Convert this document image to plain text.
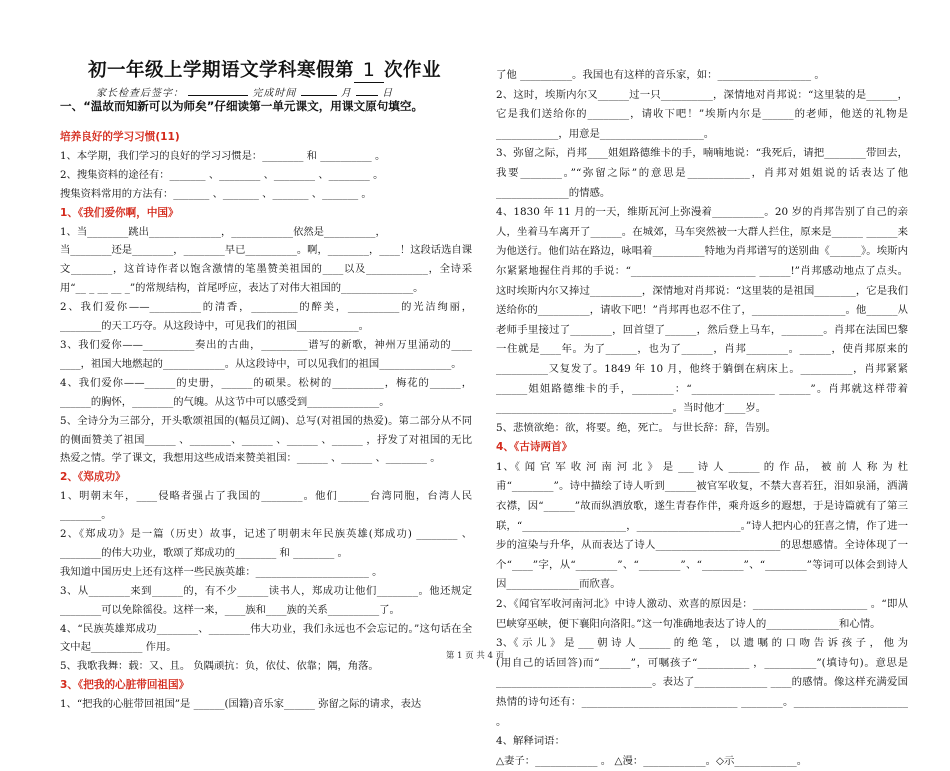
初一年级上学期语文学科寒假第 1 次作业
家长检查后签字：	完成时间	月	日
一、“温故而知新可以为师矣”仔细读第一单元课文，用课文原句填空。
培养良好的学习习惯(11)
1、本学期，我们学习的良好的学习习惯是：________ 和 __________ 。
2、搜集资料的途径有：_______ 、________ 、________ 、________ 。
搜集资料常用的方法有：_______ 、_______ 、_______ 、_______ 。
1、《我们爱你啊，中国》
1、当________跳出______________，____________依然是__________，
当________还是________，________早已__________。啊，________，____！这段话选自课文________，这首诗作者以饱含激情的笔墨赞美祖国的____以及____________，全诗采用“__ _ __ __ _”的常规结构，首尾呼应，表达了对伟大祖国的______________。
2、我们爱你——__________的清香，_________的醉美，__________的光洁绚丽，________的天工巧夺。从这段诗中，可见我们的祖国____________。
3、我们爱你——__________奏出的古曲，_________谱写的新歌，神州万里涌动的____ ____，祖国大地燃起的____________。从这段诗中，可以见我们的祖国______________。
4、我们爱你——______的史册，______的硕果。松树的__________，梅花的______，______的胸怀，________的气魄。从这节中可以感受到______________。
5、全诗分为三部分，开头歌颂祖国的(幅员辽阔)、总写(对祖国的热爱)。第二部分从不同的侧面赞美了祖国______ 、________、______ 、______ 、______ ，抒发了对祖国的无比热爱之情。学了课文，我想用这些成语来赞美祖国：______ 、______ 、________ 。
2、《郑成功》
1、明朝末年，____侵略者强占了我国的________。他们______台湾同胞，台湾人民________。
2、《郑成功》是一篇（历史）故事，记述了明朝末年民族英雄(郑成功) ________ 、________的伟大功业，歌颂了郑成功的________ 和 ________ 。
我知道中国历史上还有这样一些民族英雄：______________________ 。
3、从________来到______的，有不少______读书人，郑成功让他们________。他还规定________可以免除徭役。这样一来，____族和____族的关系__________了。
4、“民族英雄郑成功________、________伟大功业，我们永远也不会忘记的。”这句话在全文中起__________ 作用。
5、我歌我舞：载：又、且。 负隅顽抗：负，依仗、依靠；隅，角落。
3、《把我的心脏带回祖国》
1、“把我的心脏带回祖国”是 ______(国籍)音乐家______ 弥留之际的请求，表达
了他 __________。我国也有这样的音乐家，如：__________________ 。
2、这时，埃斯内尔又______过一只__________，深情地对肖邦说：“这里装的是______，它是我们送给你的________，请收下吧！”埃斯内尔是______的老师，他送的礼物是____________，用意是____________________。
3、弥留之际，肖邦____姐姐路德维卡的手，喃喃地说：“我死后，请把________带回去，我要________。”“弥留之际”的意思是____________，肖邦对姐姐说的话表达了他______________的情感。
4、1830 年 11 月的一天，维斯瓦河上弥漫着__________。20 岁的肖邦告别了自己的亲人，坐着马车离开了______。在城郊，马车突然被一大群人拦住，原来是______ ______来为他送行。他们站在路边，咏唱着__________特地为肖邦谱写的送别曲《______》。埃斯内尔紧紧地握住肖邦的手说：“________________________ ______!”肖邦感动地点了点头。这时埃斯内尔又捧过__________，深情地对肖邦说：“这里装的是祖国________，它是我们送给你的__________，请收下吧！”肖邦再也忍不住了，__________________。他______从老师手里接过了________，回首望了______，然后登上马车，________。肖邦在法国巴黎一住就是____年。为了______，也为了______，肖邦________。______，使肖邦原来的__________又复发了。1849 年 10 月，他终于躺倒在病床上。__________，肖邦紧紧______姐姐路德维卡的手，________：“________________ ______”。肖邦就这样带着__________________________________。当时他才____岁。
5、悲愤欲绝：欲，将要。绝，死亡。 与世长辞：辞，告别。
4、《古诗两首》
1、《 闻 官 军 收 河 南 河 北 》 是 ___ 诗 人 ______ 的 作 品， 被 前 人 称 为 杜 甫“________”。诗中描绘了诗人听到______被官军收复，不禁大喜若狂，泪如泉涌，洒满衣襟，因“______”故而纵酒放歌，遂生青春作伴，乘舟返乡的遐想，于是诗篇就有了第三联，“____________________，____________________。”诗人把内心的狂喜之情，作了进一步的渲染与升华，从而表达了诗人________________________的思想感情。全诗体现了一个“____”字，从“________”、“________”、“________”、“________”等词可以体会到诗人因______________而欣喜。
2、《闻官军收河南河北》中诗人激动、欢喜的原因是：______________________ 。“即从巴峡穿巫峡，便下襄阳向洛阳。”这一句准确地表达了诗人的______________和心情。
3、《 示 儿 》 是 ___ 朝 诗 人 ______ 的 绝 笔 ， 以 遗 嘱 的 口 吻 告 诉 孩 子 ， 他 为(用自己的话回答)而“______”，可嘱孩子“__________ ，__________”(填诗句)。意思是______________________________。表达了______________ ____的感情。像这样充满爱国热情的诗句还有：______________________________ ________。______________________ 。
4、解释词语：
△妻子：____________ 。 △漫：____________。◇示____________。
第 1 页 共 4 页
